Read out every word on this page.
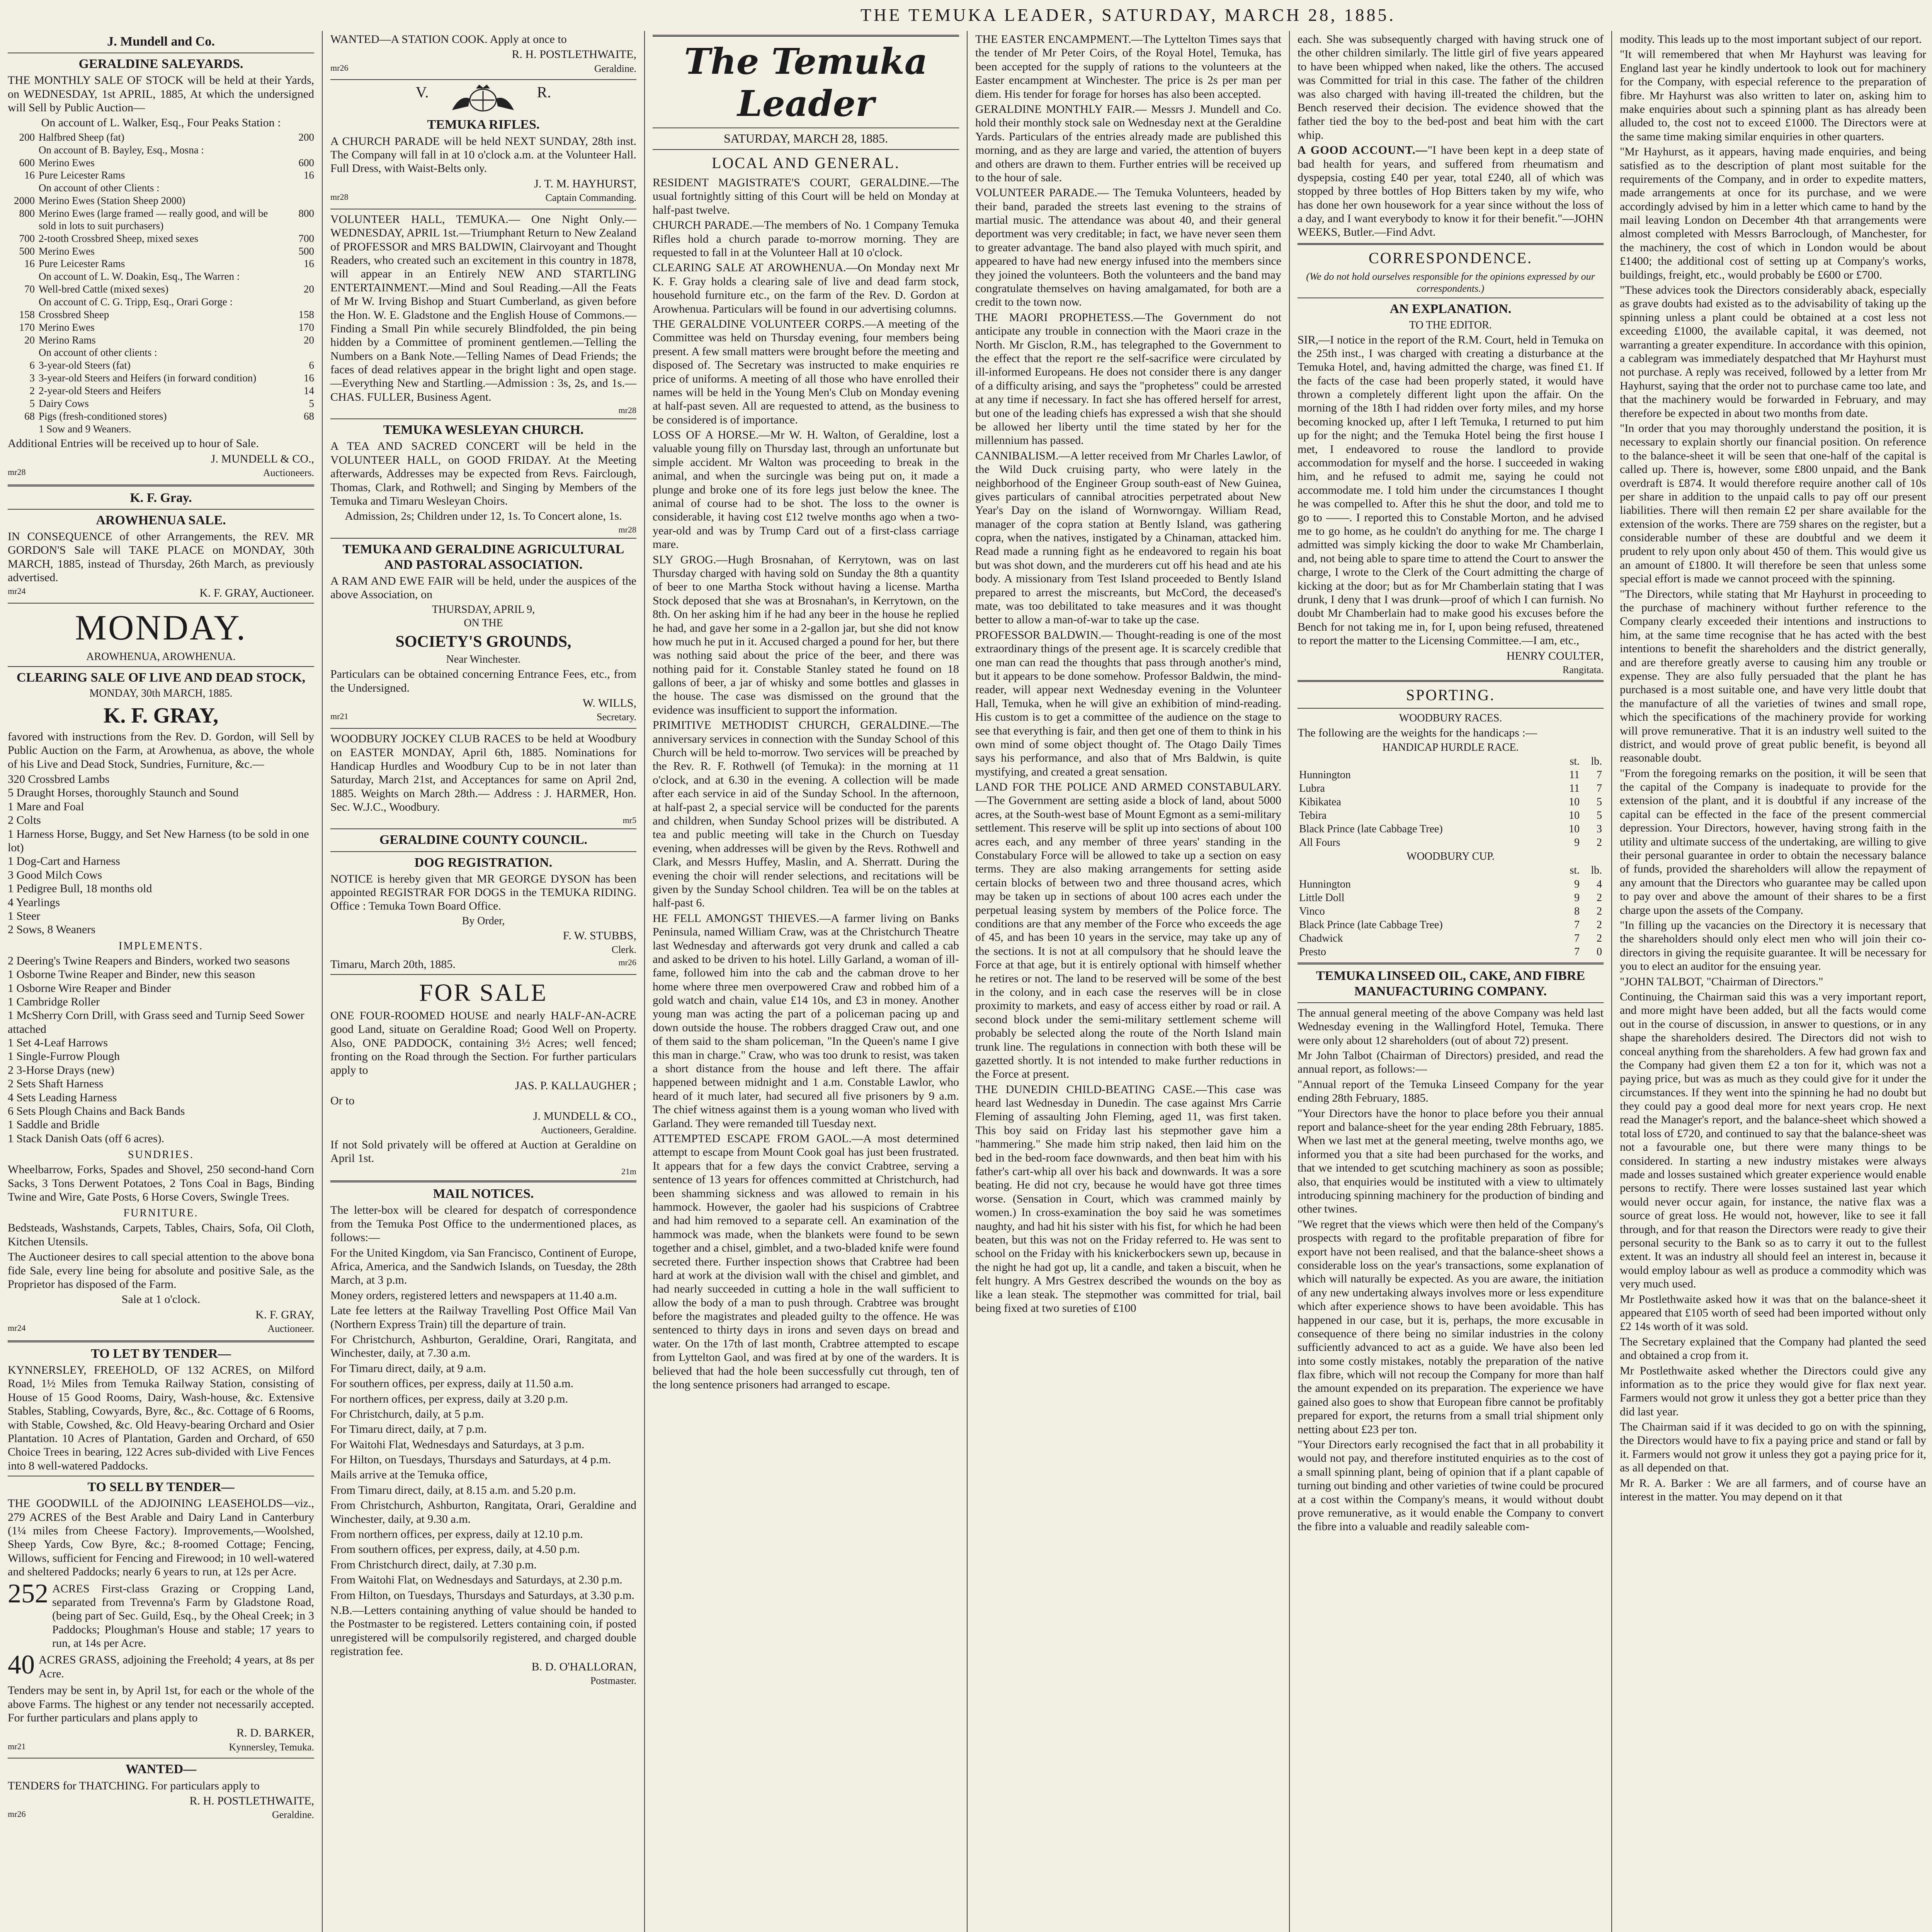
THE TEMUKA LEADER, SATURDAY, MARCH 28, 1885.
J. Mundell and Co.
GERALDINE SALEYARDS.

THE MONTHLY SALE OF STOCK will be held at their Yards, on WEDNESDAY, 1st APRIL, 1885, At which the undersigned will Sell by Public Auction—

On account of L. Walker, Esq., Four Peaks Station :

200 Halfbred Sheep (fat)	200
On account of B. Bayley, Esq., Mosna :
600 Merino Ewes	600
16 Pure Leicester Rams	16
On account of other Clients :
2000 Merino Ewes (Station Sheep 2000)
800 Merino Ewes (large framed — really good, and will be sold in lots to suit purchasers)
800
700 2-tooth Crossbred Sheep, mixed sexes	700
500 Merino Ewes	500
16 Pure Leicester Rams	16
On account of L. W. Doakin, Esq., The Warren :
70 Well-bred Cattle (mixed sexes)	20
On account of C. G. Tripp, Esq., Orari Gorge :
158 Crossbred Sheep	158
170 Merino Ewes	170
20 Merino Rams	20
On account of other clients :
6 3-year-old Steers (fat)	6
3 3-year-old Steers and Heifers (in forward condition)	16
2 2-year-old Steers and Heifers	14
5 Dairy Cows	5
68 Pigs (fresh-conditioned stores)	68
1 Sow and 9 Weaners.

Additional Entries will be received up to hour of Sale.

J. MUNDELL & CO.,
mr28	Auctioneers.
K. F. Gray.
AROWHENUA SALE.

IN CONSEQUENCE of other Arrangements, the REV. MR GORDON'S Sale will TAKE PLACE on MONDAY, 30th MARCH, 1885, instead of Thursday, 26th March, as previously advertised.

mr24	K. F. GRAY, Auctioneer.
MONDAY.
AROWHENUA, AROWHENUA.
CLEARING SALE OF LIVE AND DEAD STOCK,
MONDAY, 30th MARCH, 1885.
K. F. GRAY,

favored with instructions from the Rev. D. Gordon, will Sell by Public Auction on the Farm, at Arowhenua, as above, the whole of his Live and Dead Stock, Sundries, Furniture, &c.—

320 Crossbred Lambs
5 Draught Horses, thoroughly Staunch and Sound
1 Mare and Foal
2 Colts
1 Harness Horse, Buggy, and Set New Harness (to be sold in one lot)
1 Dog-Cart and Harness
3 Good Milch Cows
1 Pedigree Bull, 18 months old
4 Yearlings
1 Steer
2 Sows, 8 Weaners
IMPLEMENTS.
2 Deering's Twine Reapers and Binders, worked two seasons
1 Osborne Twine Reaper and Binder, new this season
1 Osborne Wire Reaper and Binder
1 Cambridge Roller
1 McSherry Corn Drill, with Grass seed and Turnip Seed Sower attached
1 Set 4-Leaf Harrows
1 Single-Furrow Plough
2 3-Horse Drays (new)
2 Sets Shaft Harness
4 Sets Leading Harness
6 Sets Plough Chains and Back Bands
1 Saddle and Bridle
1 Stack Danish Oats (off 6 acres).
SUNDRIES.

Wheelbarrow, Forks, Spades and Shovel, 250 second-hand Corn Sacks, 3 Tons Derwent Potatoes, 2 Tons Coal in Bags, Binding Twine and Wire, Gate Posts, 6 Horse Covers, Swingle Trees.

FURNITURE.

Bedsteads, Washstands, Carpets, Tables, Chairs, Sofa, Oil Cloth, Kitchen Utensils.

The Auctioneer desires to call special attention to the above bona fide Sale, every line being for absolute and positive Sale, as the Proprietor has disposed of the Farm.

Sale at 1 o'clock.

K. F. GRAY,
mr24	Auctioneer.
TO LET BY TENDER—

KYNNERSLEY, FREEHOLD, OF 132 ACRES, on Milford Road, 1½ Miles from Temuka Railway Station, consisting of House of 15 Good Rooms, Dairy, Wash-house, &c. Extensive Stables, Stabling, Cowyards, Byre, &c., &c. Cottage of 6 Rooms, with Stable, Cowshed, &c. Old Heavy-bearing Orchard and Osier Plantation. 10 Acres of Plantation, Garden and Orchard, of 650 Choice Trees in bearing, 122 Acres sub-divided with Live Fences into 8 well-watered Paddocks.

TO SELL BY TENDER—

THE GOODWILL of the ADJOINING LEASEHOLDS—viz., 279 ACRES of the Best Arable and Dairy Land in Canterbury (1¼ miles from Cheese Factory). Improvements,—Woolshed, Sheep Yards, Cow Byre, &c.; 8-roomed Cottage; Fencing, Willows, sufficient for Fencing and Firewood; in 10 well-watered and sheltered Paddocks; nearly 6 years to run, at 12s per Acre.

252 ACRES First-class Grazing or Cropping Land, separated from Trevenna's Farm by Gladstone Road, (being part of Sec. Guild, Esq., by the Oheal Creek; in 3 Paddocks; Ploughman's House and stable; 17 years to run, at 14s per Acre.

40 ACRES GRASS, adjoining the Freehold; 4 years, at 8s per Acre.

Tenders may be sent in, by April 1st, for each or the whole of the above Farms. The highest or any tender not necessarily accepted. For further particulars and plans apply to

R. D. BARKER,
mr21	Kynnersley, Temuka.
WANTED—

TENDERS for THATCHING. For particulars apply to

R. H. POSTLETHWAITE,
mr26	Geraldine.

WANTED—A STATION COOK. Apply at once to

R. H. POSTLETHWAITE,
mr26	Geraldine.
V.	R.
TEMUKA RIFLES.

A CHURCH PARADE will be held NEXT SUNDAY, 28th inst. The Company will fall in at 10 o'clock a.m. at the Volunteer Hall. Full Dress, with Waist-Belts only.

J. T. M. HAYHURST,
mr28	Captain Commanding.

VOLUNTEER HALL, TEMUKA.— One Night Only.—WEDNESDAY, APRIL 1st.—Triumphant Return to New Zealand of PROFESSOR and MRS BALDWIN, Clairvoyant and Thought Readers, who created such an excitement in this country in 1878, will appear in an Entirely NEW AND STARTLING ENTERTAINMENT.—Mind and Soul Reading.—All the Feats of Mr W. Irving Bishop and Stuart Cumberland, as given before the Hon. W. E. Gladstone and the English House of Commons.—Finding a Small Pin while securely Blindfolded, the pin being hidden by a Committee of prominent gentlemen.—Telling the Numbers on a Bank Note.—Telling Names of Dead Friends; the faces of dead relatives appear in the bright light and open stage.—Everything New and Startling.—Admission : 3s, 2s, and 1s.—CHAS. FULLER, Business Agent.

mr28
TEMUKA WESLEYAN CHURCH.

A TEA AND SACRED CONCERT will be held in the VOLUNTEER HALL, on GOOD FRIDAY. At the Meeting afterwards, Addresses may be expected from Revs. Fairclough, Thomas, Clark, and Rothwell; and Singing by Members of the Temuka and Timaru Wesleyan Choirs.

Admission, 2s; Children under 12, 1s. To Concert alone, 1s.

mr28
TEMUKA AND GERALDINE AGRICULTURAL AND PASTORAL ASSOCIATION.

A RAM AND EWE FAIR will be held, under the auspices of the above Association, on

THURSDAY, APRIL 9,
ON THE
SOCIETY'S GROUNDS,
Near Winchester.

Particulars can be obtained concerning Entrance Fees, etc., from the Undersigned.

W. WILLS,
mr21	Secretary.

WOODBURY JOCKEY CLUB RACES to be held at Woodbury on EASTER MONDAY, April 6th, 1885. Nominations for Handicap Hurdles and Woodbury Cup to be in not later than Saturday, March 21st, and Acceptances for same on April 2nd, 1885. Weights on March 28th.— Address : J. HARMER, Hon. Sec. W.J.C., Woodbury.

mr5
GERALDINE COUNTY COUNCIL.
DOG REGISTRATION.

NOTICE is hereby given that MR GEORGE DYSON has been appointed REGISTRAR FOR DOGS in the TEMUKA RIDING. Office : Temuka Town Board Office.

By Order,
F. W. STUBBS,
Clerk.
Timaru, March 20th, 1885.	mr26
FOR SALE

ONE FOUR-ROOMED HOUSE and nearly HALF-AN-ACRE good Land, situate on Geraldine Road; Good Well on Property. Also, ONE PADDOCK, containing 3½ Acres; well fenced; fronting on the Road through the Section. For further particulars apply to

JAS. P. KALLAUGHER ;
Or to
J. MUNDELL & CO.,
Auctioneers, Geraldine.

If not Sold privately will be offered at Auction at Geraldine on April 1st.

21m
MAIL NOTICES.

The letter-box will be cleared for despatch of correspondence from the Temuka Post Office to the undermentioned places, as follows:—

For the United Kingdom, via San Francisco, Continent of Europe, Africa, America, and the Sandwich Islands, on Tuesday, the 28th March, at 3 p.m.

Money orders, registered letters and newspapers at 11.40 a.m.

Late fee letters at the Railway Travelling Post Office Mail Van (Northern Express Train) till the departure of train.

For Christchurch, Ashburton, Geraldine, Orari, Rangitata, and Winchester, daily, at 7.30 a.m.

For Timaru direct, daily, at 9 a.m.

For southern offices, per express, daily at 11.50 a.m.

For northern offices, per express, daily at 3.20 p.m.

For Christchurch, daily, at 5 p.m.

For Timaru direct, daily, at 7 p.m.

For Waitohi Flat, Wednesdays and Saturdays, at 3 p.m.

For Hilton, on Tuesdays, Thursdays and Saturdays, at 4 p.m.

Mails arrive at the Temuka office,

From Timaru direct, daily, at 8.15 a.m. and 5.20 p.m.

From Christchurch, Ashburton, Rangitata, Orari, Geraldine and Winchester, daily, at 9.30 a.m.

From northern offices, per express, daily at 12.10 p.m.

From southern offices, per express, daily, at 4.50 p.m.

From Christchurch direct, daily, at 7.30 p.m.

From Waitohi Flat, on Wednesdays and Saturdays, at 2.30 p.m.

From Hilton, on Tuesdays, Thursdays and Saturdays, at 3.30 p.m.

N.B.—Letters containing anything of value should be handed to the Postmaster to be registered. Letters containing coin, if posted unregistered will be compulsorily registered, and charged double registration fee.

B. D. O'HALLORAN,
Postmaster.
The Temuka Leader
SATURDAY, MARCH 28, 1885.
LOCAL AND GENERAL.

RESIDENT MAGISTRATE'S COURT, GERALDINE.—The usual fortnightly sitting of this Court will be held on Monday at half-past twelve.

CHURCH PARADE.—The members of No. 1 Company Temuka Rifles hold a church parade to-morrow morning. They are requested to fall in at the Volunteer Hall at 10 o'clock.

CLEARING SALE AT AROWHENUA.—On Monday next Mr K. F. Gray holds a clearing sale of live and dead farm stock, household furniture etc., on the farm of the Rev. D. Gordon at Arowhenua. Particulars will be found in our advertising columns.

THE GERALDINE VOLUNTEER CORPS.—A meeting of the Committee was held on Thursday evening, four members being present. A few small matters were brought before the meeting and disposed of. The Secretary was instructed to make enquiries re price of uniforms. A meeting of all those who have enrolled their names will be held in the Young Men's Club on Monday evening at half-past seven. All are requested to attend, as the business to be considered is of importance.

LOSS OF A HORSE.—Mr W. H. Walton, of Geraldine, lost a valuable young filly on Thursday last, through an unfortunate but simple accident. Mr Walton was proceeding to break in the animal, and when the surcingle was being put on, it made a plunge and broke one of its fore legs just below the knee. The animal of course had to be shot. The loss to the owner is considerable, it having cost £12 twelve months ago when a two-year-old and was by Trump Card out of a first-class carriage mare.

SLY GROG.—Hugh Brosnahan, of Kerrytown, was on last Thursday charged with having sold on Sunday the 8th a quantity of beer to one Martha Stock without having a license. Martha Stock deposed that she was at Brosnahan's, in Kerrytown, on the 8th. On her asking him if he had any beer in the house he replied he had, and gave her some in a 2-gallon jar, but she did not know how much he put in it. Accused charged a pound for her, but there was nothing said about the price of the beer, and there was nothing paid for it. Constable Stanley stated he found on 18 gallons of beer, a jar of whisky and some bottles and glasses in the house. The case was dismissed on the ground that the evidence was insufficient to support the information.

PRIMITIVE METHODIST CHURCH, GERALDINE.—The anniversary services in connection with the Sunday School of this Church will be held to-morrow. Two services will be preached by the Rev. R. F. Rothwell (of Temuka): in the morning at 11 o'clock, and at 6.30 in the evening. A collection will be made after each service in aid of the Sunday School. In the afternoon, at half-past 2, a special service will be conducted for the parents and children, when Sunday School prizes will be distributed. A tea and public meeting will take in the Church on Tuesday evening, when addresses will be given by the Revs. Rothwell and Clark, and Messrs Huffey, Maslin, and A. Sherratt. During the evening the choir will render selections, and recitations will be given by the Sunday School children. Tea will be on the tables at half-past 6.

HE FELL AMONGST THIEVES.—A farmer living on Banks Peninsula, named William Craw, was at the Christchurch Theatre last Wednesday and afterwards got very drunk and called a cab and asked to be driven to his hotel. Lilly Garland, a woman of ill-fame, followed him into the cab and the cabman drove to her home where three men overpowered Craw and robbed him of a gold watch and chain, value £14 10s, and £3 in money. Another young man was acting the part of a policeman pacing up and down outside the house. The robbers dragged Craw out, and one of them said to the sham policeman, "In the Queen's name I give this man in charge." Craw, who was too drunk to resist, was taken a short distance from the house and left there. The affair happened between midnight and 1 a.m. Constable Lawlor, who heard of it much later, had secured all five prisoners by 9 a.m. The chief witness against them is a young woman who lived with Garland. They were remanded till Tuesday next.

ATTEMPTED ESCAPE FROM GAOL.—A most determined attempt to escape from Mount Cook goal has just been frustrated. It appears that for a few days the convict Crabtree, serving a sentence of 13 years for offences committed at Christchurch, had been shamming sickness and was allowed to remain in his hammock. However, the gaoler had his suspicions of Crabtree and had him removed to a separate cell. An examination of the hammock was made, when the blankets were found to be sewn together and a chisel, gimblet, and a two-bladed knife were found secreted there. Further inspection shows that Crabtree had been hard at work at the division wall with the chisel and gimblet, and had nearly succeeded in cutting a hole in the wall sufficient to allow the body of a man to push through. Crabtree was brought before the magistrates and pleaded guilty to the offence. He was sentenced to thirty days in irons and seven days on bread and water. On the 17th of last month, Crabtree attempted to escape from Lyttelton Gaol, and was fired at by one of the warders. It is believed that had the hole been successfully cut through, ten of the long sentence prisoners had arranged to escape.

THE EASTER ENCAMPMENT.—The Lyttelton Times says that the tender of Mr Peter Coirs, of the Royal Hotel, Temuka, has been accepted for the supply of rations to the volunteers at the Easter encampment at Winchester. The price is 2s per man per diem. His tender for forage for horses has also been accepted.

GERALDINE MONTHLY FAIR.— Messrs J. Mundell and Co. hold their monthly stock sale on Wednesday next at the Geraldine Yards. Particulars of the entries already made are published this morning, and as they are large and varied, the attention of buyers and others are drawn to them. Further entries will be received up to the hour of sale.

VOLUNTEER PARADE.— The Temuka Volunteers, headed by their band, paraded the streets last evening to the strains of martial music. The attendance was about 40, and their general deportment was very creditable; in fact, we have never seen them to greater advantage. The band also played with much spirit, and appeared to have had new energy infused into the members since they joined the volunteers. Both the volunteers and the band may congratulate themselves on having amalgamated, for both are a credit to the town now.

THE MAORI PROPHETESS.—The Government do not anticipate any trouble in connection with the Maori craze in the North. Mr Gisclon, R.M., has telegraphed to the Government to the effect that the report re the self-sacrifice were circulated by ill-informed Europeans. He does not consider there is any danger of a difficulty arising, and says the "prophetess" could be arrested at any time if necessary. In fact she has offered herself for arrest, but one of the leading chiefs has expressed a wish that she should be allowed her liberty until the time stated by her for the millennium has passed.

CANNIBALISM.—A letter received from Mr Charles Lawlor, of the Wild Duck cruising party, who were lately in the neighborhood of the Engineer Group south-east of New Guinea, gives particulars of cannibal atrocities perpetrated about New Year's Day on the island of Wornworngay. William Read, manager of the copra station at Bently Island, was gathering copra, when the natives, instigated by a Chinaman, attacked him. Read made a running fight as he endeavored to regain his boat but was shot down, and the murderers cut off his head and ate his body. A missionary from Test Island proceeded to Bently Island prepared to arrest the miscreants, but McCord, the deceased's mate, was too debilitated to take measures and it was thought better to allow a man-of-war to take up the case.

PROFESSOR BALDWIN.— Thought-reading is one of the most extraordinary things of the present age. It is scarcely credible that one man can read the thoughts that pass through another's mind, but it appears to be done somehow. Professor Baldwin, the mind-reader, will appear next Wednesday evening in the Volunteer Hall, Temuka, when he will give an exhibition of mind-reading. His custom is to get a committee of the audience on the stage to see that everything is fair, and then get one of them to think in his own mind of some object thought of. The Otago Daily Times says his performance, and also that of Mrs Baldwin, is quite mystifying, and created a great sensation.

LAND FOR THE POLICE AND ARMED CONSTABULARY.—The Government are setting aside a block of land, about 5000 acres, at the South-west base of Mount Egmont as a semi-military settlement. This reserve will be split up into sections of about 100 acres each, and any member of three years' standing in the Constabulary Force will be allowed to take up a section on easy terms. They are also making arrangements for setting aside certain blocks of between two and three thousand acres, which may be taken up in sections of about 100 acres each under the perpetual leasing system by members of the Police force. The conditions are that any member of the Force who exceeds the age of 45, and has been 10 years in the service, may take up any of the sections. It is not at all compulsory that he should leave the Force at that age, but it is entirely optional with himself whether he retires or not. The land to be reserved will be some of the best in the colony, and in each case the reserves will be in close proximity to markets, and easy of access either by road or rail. A second block under the semi-military settlement scheme will probably be selected along the route of the North Island main trunk line. The regulations in connection with both these will be gazetted shortly. It is not intended to make further reductions in the Force at present.

THE DUNEDIN CHILD-BEATING CASE.—This case was heard last Wednesday in Dunedin. The case against Mrs Carrie Fleming of assaulting John Fleming, aged 11, was first taken. This boy said on Friday last his stepmother gave him a "hammering." She made him strip naked, then laid him on the bed in the bed-room face downwards, and then beat him with his father's cart-whip all over his back and downwards. It was a sore beating. He did not cry, because he would have got three times worse. (Sensation in Court, which was crammed mainly by women.) In cross-examination the boy said he was sometimes naughty, and had hit his sister with his fist, for which he had been beaten, but this was not on the Friday referred to. He was sent to school on the Friday with his knickerbockers sewn up, because in the night he had got up, lit a candle, and taken a biscuit, when he felt hungry. A Mrs Gestrex described the wounds on the boy as like a lean steak. The stepmother was committed for trial, bail being fixed at two sureties of £100

each. She was subsequently charged with having struck one of the other children similarly. The little girl of five years appeared to have been whipped when naked, like the others. The accused was Committed for trial in this case. The father of the children was also charged with having ill-treated the children, but the Bench reserved their decision. The evidence showed that the father tied the boy to the bed-post and beat him with the cart whip.

A GOOD ACCOUNT.—"I have been kept in a deep state of bad health for years, and suffered from rheumatism and dyspepsia, costing £40 per year, total £240, all of which was stopped by three bottles of Hop Bitters taken by my wife, who has done her own housework for a year since without the loss of a day, and I want everybody to know it for their benefit."—JOHN WEEKS, Butler.—Find Advt.

CORRESPONDENCE.
(We do not hold ourselves responsible for the opinions expressed by our correspondents.)
AN EXPLANATION.
TO THE EDITOR.

SIR,—I notice in the report of the R.M. Court, held in Temuka on the 25th inst., I was charged with creating a disturbance at the Temuka Hotel, and, having admitted the charge, was fined £1. If the facts of the case had been properly stated, it would have thrown a completely different light upon the affair. On the morning of the 18th I had ridden over forty miles, and my horse becoming knocked up, after I left Temuka, I returned to put him up for the night; and the Temuka Hotel being the first house I met, I endeavored to rouse the landlord to provide accommodation for myself and the horse. I succeeded in waking him, and he refused to admit me, saying he could not accommodate me. I told him under the circumstances I thought he was compelled to. After this he shut the door, and told me to go to ——. I reported this to Constable Morton, and he advised me to go home, as he couldn't do anything for me. The charge I admitted was simply kicking the door to wake Mr Chamberlain, and, not being able to spare time to attend the Court to answer the charge, I wrote to the Clerk of the Court admitting the charge of kicking at the door; but as for Mr Chamberlain stating that I was drunk, I deny that I was drunk—proof of which I can furnish. No doubt Mr Chamberlain had to make good his excuses before the Bench for not taking me in, for I, upon being refused, threatened to report the matter to the Licensing Committee.—I am, etc.,

HENRY COULTER,
Rangitata.
SPORTING.
WOODBURY RACES.

The following are the weights for the handicaps :—

HANDICAP HURDLE RACE.
	st.	lb.
Hunnington	11	7
Lubra	11	7
Kibikatea	10	5
Tebira	10	5
Black Prince (late Cabbage Tree)	10	3
All Fours	9	2
WOODBURY CUP.
	st.	lb.
Hunnington	9	4
Little Doll	9	2
Vinco	8	2
Black Prince (late Cabbage Tree)	7	2
Chadwick	7	2
Presto	7	0
TEMUKA LINSEED OIL, CAKE, AND FIBRE MANUFACTURING COMPANY.

The annual general meeting of the above Company was held last Wednesday evening in the Wallingford Hotel, Temuka. There were only about 12 shareholders (out of about 72) present.

Mr John Talbot (Chairman of Directors) presided, and read the annual report, as follows:—

"Annual report of the Temuka Linseed Company for the year ending 28th February, 1885.

"Your Directors have the honor to place before you their annual report and balance-sheet for the year ending 28th February, 1885. When we last met at the general meeting, twelve months ago, we informed you that a site had been purchased for the works, and that we intended to get scutching machinery as soon as possible; also, that enquiries would be instituted with a view to ultimately introducing spinning machinery for the production of binding and other twines.

"We regret that the views which were then held of the Company's prospects with regard to the profitable preparation of fibre for export have not been realised, and that the balance-sheet shows a considerable loss on the year's transactions, some explanation of which will naturally be expected. As you are aware, the initiation of any new undertaking always involves more or less expenditure which after experience shows to have been avoidable. This has happened in our case, but it is, perhaps, the more excusable in consequence of there being no similar industries in the colony sufficiently advanced to act as a guide. We have also been led into some costly mistakes, notably the preparation of the native flax fibre, which will not recoup the Company for more than half the amount expended on its preparation. The experience we have gained also goes to show that European fibre cannot be profitably prepared for export, the returns from a small trial shipment only netting about £23 per ton.

"Your Directors early recognised the fact that in all probability it would not pay, and therefore instituted enquiries as to the cost of a small spinning plant, being of opinion that if a plant capable of turning out binding and other varieties of twine could be procured at a cost within the Company's means, it would without doubt prove remunerative, as it would enable the Company to convert the fibre into a valuable and readily saleable com-

modity. This leads up to the most important subject of our report.

"It will remembered that when Mr Hayhurst was leaving for England last year he kindly undertook to look out for machinery for the Company, with especial reference to the preparation of fibre. Mr Hayhurst was also written to later on, asking him to make enquiries about such a spinning plant as has already been alluded to, the cost not to exceed £1000. The Directors were at the same time making similar enquiries in other quarters.

"Mr Hayhurst, as it appears, having made enquiries, and being satisfied as to the description of plant most suitable for the requirements of the Company, and in order to expedite matters, made arrangements at once for its purchase, and we were accordingly advised by him in a letter which came to hand by the mail leaving London on December 4th that arrangements were almost completed with Messrs Barroclough, of Manchester, for the machinery, the cost of which in London would be about £1400; the additional cost of setting up at Company's works, buildings, freight, etc., would probably be £600 or £700.

"These advices took the Directors considerably aback, especially as grave doubts had existed as to the advisability of taking up the spinning unless a plant could be obtained at a cost less not exceeding £1000, the available capital, it was deemed, not warranting a greater expenditure. In accordance with this opinion, a cablegram was immediately despatched that Mr Hayhurst must not purchase. A reply was received, followed by a letter from Mr Hayhurst, saying that the order not to purchase came too late, and that the machinery would be forwarded in February, and may therefore be expected in about two months from date.

"In order that you may thoroughly understand the position, it is necessary to explain shortly our financial position. On reference to the balance-sheet it will be seen that one-half of the capital is called up. There is, however, some £800 unpaid, and the Bank overdraft is £874. It would therefore require another call of 10s per share in addition to the unpaid calls to pay off our present liabilities. There will then remain £2 per share available for the extension of the works. There are 759 shares on the register, but a considerable number of these are doubtful and we deem it prudent to rely upon only about 450 of them. This would give us an amount of £1800. It will therefore be seen that unless some special effort is made we cannot proceed with the spinning.

"The Directors, while stating that Mr Hayhurst in proceeding to the purchase of machinery without further reference to the Company clearly exceeded their intentions and instructions to him, at the same time recognise that he has acted with the best intentions to benefit the shareholders and the district generally, and are therefore greatly averse to causing him any trouble or expense. They are also fully persuaded that the plant he has purchased is a most suitable one, and have very little doubt that the manufacture of all the varieties of twines and small rope, which the specifications of the machinery provide for working will prove remunerative. That it is an industry well suited to the district, and would prove of great public benefit, is beyond all reasonable doubt.

"From the foregoing remarks on the position, it will be seen that the capital of the Company is inadequate to provide for the extension of the plant, and it is doubtful if any increase of the capital can be effected in the face of the present commercial depression. Your Directors, however, having strong faith in the utility and ultimate success of the undertaking, are willing to give their personal guarantee in order to obtain the necessary balance of funds, provided the shareholders will allow the repayment of any amount that the Directors who guarantee may be called upon to pay over and above the amount of their shares to be a first charge upon the assets of the Company.

"In filling up the vacancies on the Directory it is necessary that the shareholders should only elect men who will join their co-directors in giving the requisite guarantee. It will be necessary for you to elect an auditor for the ensuing year.

"JOHN TALBOT, "Chairman of Directors."

Continuing, the Chairman said this was a very important report, and more might have been added, but all the facts would come out in the course of discussion, in answer to questions, or in any shape the shareholders desired. The Directors did not wish to conceal anything from the shareholders. A few had grown fax and the Company had given them £2 a ton for it, which was not a paying price, but was as much as they could give for it under the circumstances. If they went into the spinning he had no doubt but they could pay a good deal more for next years crop. He next read the Manager's report, and the balance-sheet which showed a total loss of £720, and continued to say that the balance-sheet was not a favourable one, but there were many things to be considered. In starting a new industry mistakes were always made and losses sustained which greater experience would enable persons to rectify. There were losses sustained last year which would never occur again, for instance, the native flax was a source of great loss. He would not, however, like to see it fall through, and for that reason the Directors were ready to give their personal security to the Bank so as to carry it out to the fullest extent. It was an industry all should feel an interest in, because it would employ labour as well as produce a commodity which was very much used.

Mr Postlethwaite asked how it was that on the balance-sheet it appeared that £105 worth of seed had been imported without only £2 14s worth of it was sold.

The Secretary explained that the Company had planted the seed and obtained a crop from it.

Mr Postlethwaite asked whether the Directors could give any information as to the price they would give for flax next year. Farmers would not grow it unless they got a better price than they did last year.

The Chairman said if it was decided to go on with the spinning, the Directors would have to fix a paying price and stand or fall by it. Farmers would not grow it unless they got a paying price for it, as all depended on that.

Mr R. A. Barker : We are all farmers, and of course have an interest in the matter. You may depend on it that
